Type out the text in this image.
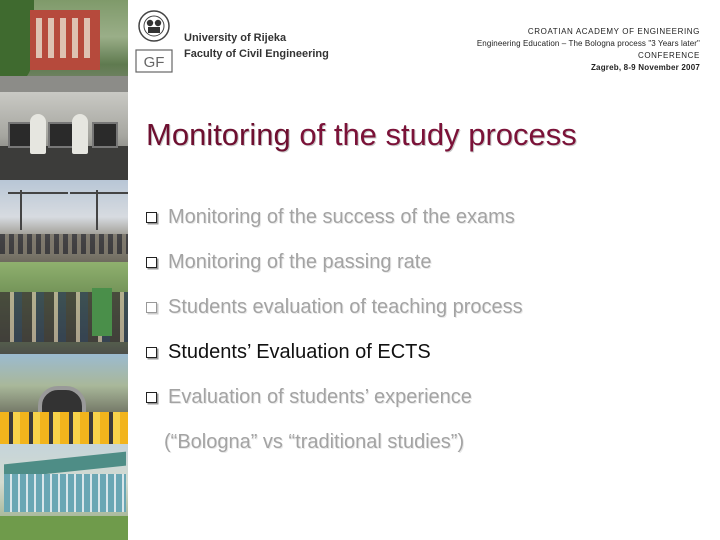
GF
University of Rijeka
Faculty of Civil Engineering
CROATIAN ACADEMY OF ENGINEERING
Engineering Education – The Bologna process "3 Years later"
CONFERENCE
Zagreb, 8-9 November 2007
Monitoring of the study process
Monitoring of the success of the exams
Monitoring of the passing rate
Students evaluation of teaching process
Students’ Evaluation of ECTS
Evaluation of students’ experience
(“Bologna” vs “traditional studies”)
